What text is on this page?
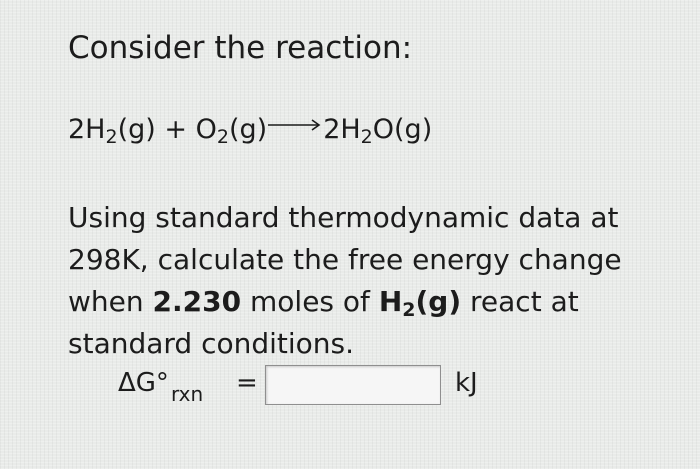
Consider the reaction:
$2H_2(g) + O_2(g)$ $2H_2O(g)$
Using standard thermodynamic data at
298K, calculate the free energy change
when 2.230 moles of $H_2(g)$ react at
standard conditions.
ΔG° $_{rxn}$ =	kJ
